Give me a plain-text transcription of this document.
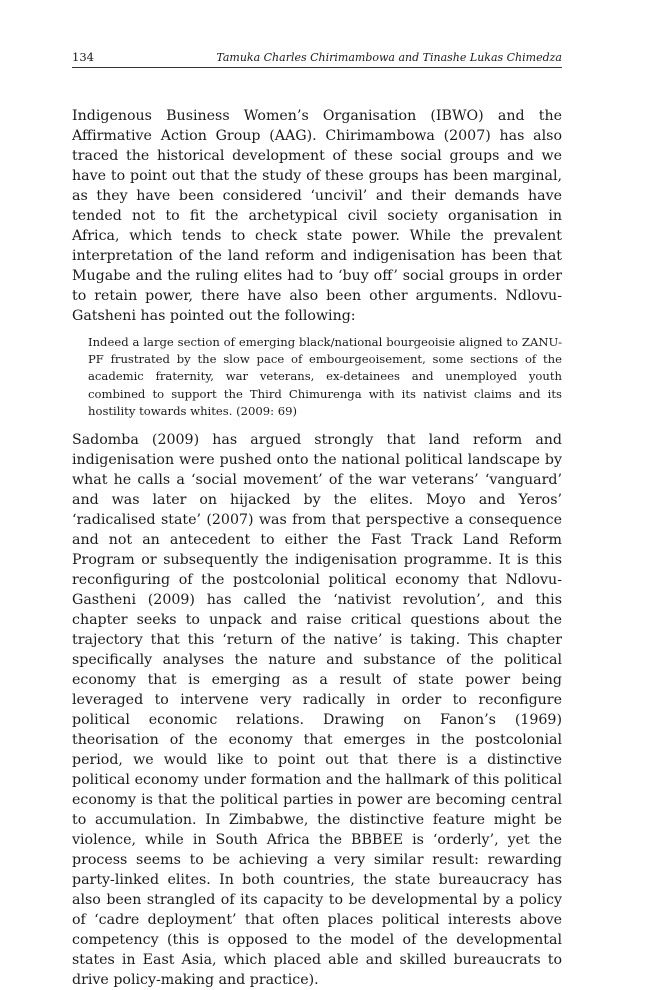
134	Tamuka Charles Chirimambowa and Tinashe Lukas Chimedza

Indigenous Business Women’s Organisation (IBWO) and the Affirmative Action Group (AAG). Chirimambowa (2007) has also traced the historical development of these social groups and we have to point out that the study of these groups has been marginal, as they have been considered ‘uncivil’ and their demands have tended not to fit the archetypical civil society organisation in Africa, which tends to check state power. While the prevalent interpretation of the land reform and indigenisation has been that Mugabe and the ruling elites had to ‘buy off’ social groups in order to retain power, there have also been other arguments. Ndlovu-Gatsheni has pointed out the following:

Indeed a large section of emerging black/national bourgeoisie aligned to ZANU-PF frustrated by the slow pace of embourgeoisement, some sections of the academic fraternity, war veterans, ex-detainees and unemployed youth combined to support the Third Chimurenga with its nativist claims and its hostility towards whites. (2009: 69)

Sadomba (2009) has argued strongly that land reform and indigenisation were pushed onto the national political landscape by what he calls a ‘social movement’ of the war veterans’ ‘vanguard’ and was later on hijacked by the elites. Moyo and Yeros’ ‘radicalised state’ (2007) was from that perspective a consequence and not an antecedent to either the Fast Track Land Reform Program or subsequently the indigenisation programme. It is this reconfiguring of the postcolonial political economy that Ndlovu-Gastheni (2009) has called the ‘nativist revolution’, and this chapter seeks to unpack and raise critical questions about the trajectory that this ‘return of the native’ is taking. This chapter specifically analyses the nature and substance of the political economy that is emerging as a result of state power being leveraged to intervene very radically in order to reconfigure political economic relations. Drawing on Fanon’s (1969) theorisation of the economy that emerges in the postcolonial period, we would like to point out that there is a distinctive political economy under formation and the hallmark of this political economy is that the political parties in power are becoming central to accumulation. In Zimbabwe, the distinctive feature might be violence, while in South Africa the BBBEE is ‘orderly’, yet the process seems to be achieving a very similar result: rewarding party-linked elites. In both countries, the state bureaucracy has also been strangled of its capacity to be developmental by a policy of ‘cadre deployment’ that often places political interests above competency (this is opposed to the model of the developmental states in East Asia, which placed able and skilled bureaucrats to drive policy-making and practice).
